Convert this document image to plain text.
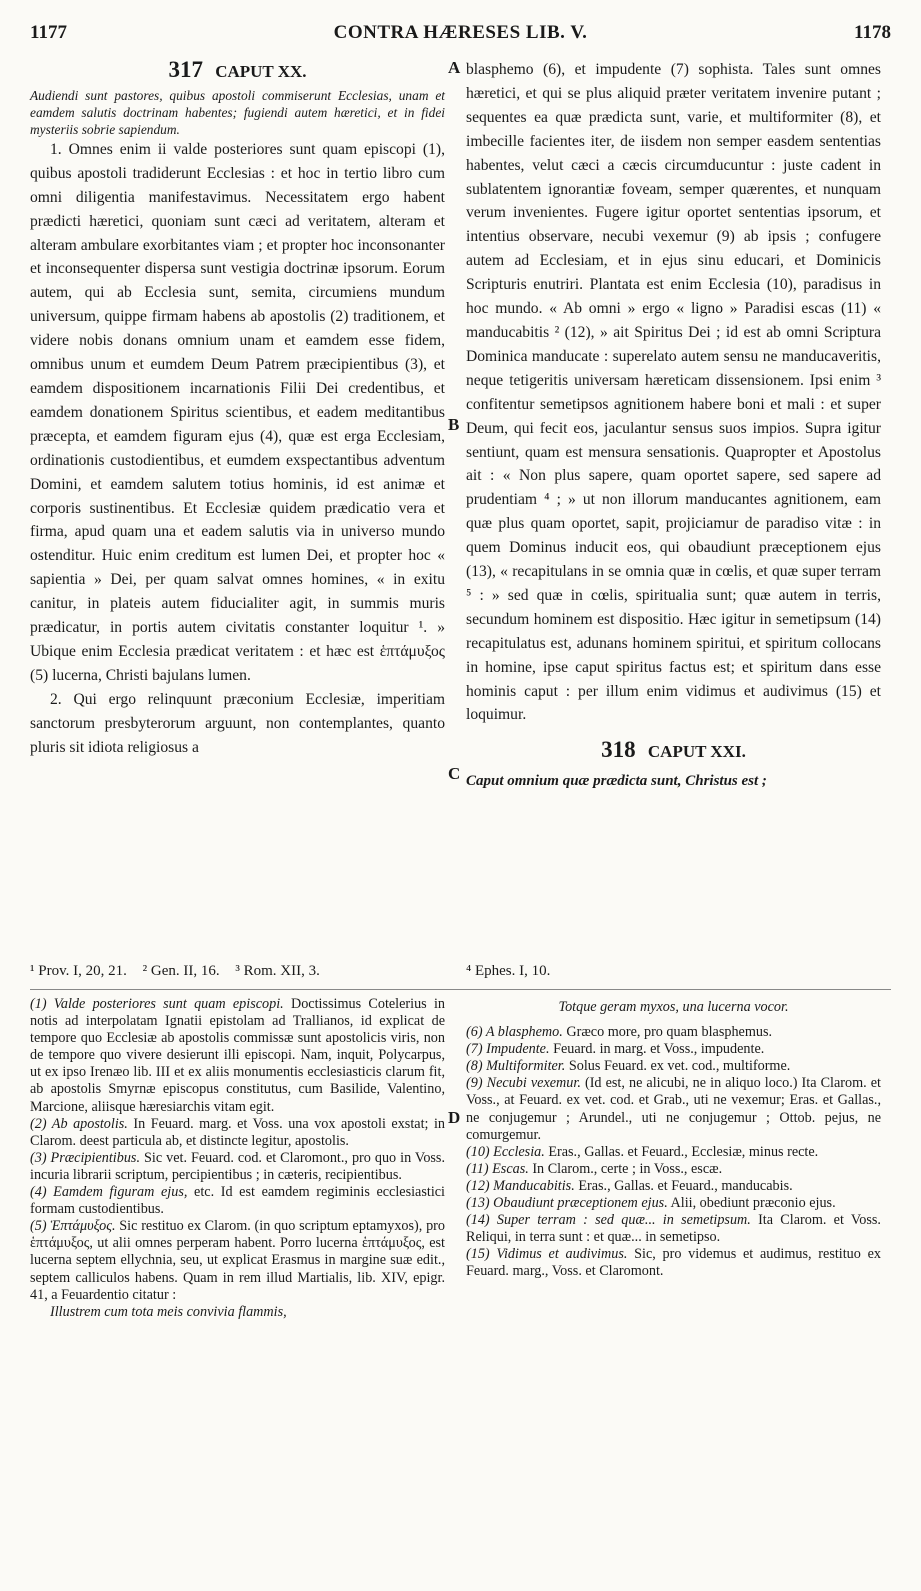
1177	CONTRA HÆRESES LIB. V.	1178
A
B
C
D
317 CAPUT XX.

Audiendi sunt pastores, quibus apostoli commiserunt Ecclesias, unam et eamdem salutis doctrinam habentes; fugiendi autem hæretici, et in fidei mysteriis sobrie sapiendum.

1. Omnes enim ii valde posteriores sunt quam episcopi (1), quibus apostoli tradiderunt Ecclesias : et hoc in tertio libro cum omni diligentia manifestavimus. Necessitatem ergo habent prædicti hæretici, quoniam sunt cæci ad veritatem, alteram et alteram ambulare exorbitantes viam ; et propter hoc inconsonanter et inconsequenter dispersa sunt vestigia doctrinæ ipsorum. Eorum autem, qui ab Ecclesia sunt, semita, circumiens mundum universum, quippe firmam habens ab apostolis (2) traditionem, et videre nobis donans omnium unam et eamdem esse fidem, omnibus unum et eumdem Deum Patrem præcipientibus (3), et eamdem dispositionem incarnationis Filii Dei credentibus, et eamdem donationem Spiritus scientibus, et eadem meditantibus præcepta, et eamdem figuram ejus (4), quæ est erga Ecclesiam, ordinationis custodientibus, et eumdem exspectantibus adventum Domini, et eamdem salutem totius hominis, id est animæ et corporis sustinentibus. Et Ecclesiæ quidem prædicatio vera et firma, apud quam una et eadem salutis via in universo mundo ostenditur. Huic enim creditum est lumen Dei, et propter hoc « sapientia » Dei, per quam salvat omnes homines, « in exitu canitur, in plateis autem fiducialiter agit, in summis muris prædicatur, in portis autem civitatis constanter loquitur ¹. » Ubique enim Ecclesia prædicat veritatem : et hæc est ἑπτάμυξος (5) lucerna, Christi bajulans lumen.

2. Qui ergo relinquunt præconium Ecclesiæ, imperitiam sanctorum presbyterorum arguunt, non contemplantes, quanto pluris sit idiota religiosus a

blasphemo (6), et impudente (7) sophista. Tales sunt omnes hæretici, et qui se plus aliquid præter veritatem invenire putant ; sequentes ea quæ prædicta sunt, varie, et multiformiter (8), et imbecille facientes iter, de iisdem non semper easdem sententias habentes, velut cæci a cæcis circumducuntur : juste cadent in sublatentem ignorantiæ foveam, semper quærentes, et nunquam verum invenientes. Fugere igitur oportet sententias ipsorum, et intentius observare, necubi vexemur (9) ab ipsis ; confugere autem ad Ecclesiam, et in ejus sinu educari, et Dominicis Scripturis enutriri. Plantata est enim Ecclesia (10), paradisus in hoc mundo. « Ab omni » ergo « ligno » Paradisi escas (11) « manducabitis ² (12), » ait Spiritus Dei ; id est ab omni Scriptura Dominica manducate : superelato autem sensu ne manducaveritis, neque tetigeritis universam hæreticam dissensionem. Ipsi enim ³ confitentur semetipsos agnitionem habere boni et mali : et super Deum, qui fecit eos, jaculantur sensus suos impios. Supra igitur sentiunt, quam est mensura sensationis. Quapropter et Apostolus ait : « Non plus sapere, quam oportet sapere, sed sapere ad prudentiam ⁴ ; » ut non illorum manducantes agnitionem, eam quæ plus quam oportet, sapit, projiciamur de paradiso vitæ : in quem Dominus inducit eos, qui obaudiunt præceptionem ejus (13), « recapitulans in se omnia quæ in cœlis, et quæ super terram ⁵ : » sed quæ in cœlis, spiritualia sunt; quæ autem in terris, secundum hominem est dispositio. Hæc igitur in semetipsum (14) recapitulatus est, adunans hominem spiritui, et spiritum collocans in homine, ipse caput spiritus factus est; et spiritum dans esse hominis caput : per illum enim vidimus et audivimus (15) et loquimur.

318 CAPUT XXI.

Caput omnium quæ prædicta sunt, Christus est ;

¹ Prov. I, 20, 21. ² Gen. II, 16. ³ Rom. XII, 3.	⁴ Ephes. I, 10.

(1) Valde posteriores sunt quam episcopi. Doctissimus Cotelerius in notis ad interpolatam Ignatii epistolam ad Trallianos, id explicat de tempore quo Ecclesiæ ab apostolis commissæ sunt apostolicis viris, non de tempore quo vivere desierunt illi episcopi. Nam, inquit, Polycarpus, ut ex ipso Irenæo lib. III et ex aliis monumentis ecclesiasticis clarum fit, ab apostolis Smyrnæ episcopus constitutus, cum Basilide, Valentino, Marcione, aliisque hæresiarchis vitam egit.

(2) Ab apostolis. In Feuard. marg. et Voss. una vox apostoli exstat; in Clarom. deest particula ab, et distincte legitur, apostolis.

(3) Præcipientibus. Sic vet. Feuard. cod. et Claromont., pro quo in Voss. incuria librarii scriptum, percipientibus ; in cæteris, recipientibus.

(4) Eamdem figuram ejus, etc. Id est eamdem regiminis ecclesiastici formam custodientibus.

(5) Ἑπτάμυξος. Sic restituo ex Clarom. (in quo scriptum eptamyxos), pro ἑπτάμυξος, ut alii omnes perperam habent. Porro lucerna ἑπτάμυξος, est lucerna septem ellychnia, seu, ut explicat Erasmus in margine suæ edit., septem calliculos habens. Quam in rem illud Martialis, lib. XIV, epigr. 41, a Feuardentio citatur :

Illustrem cum tota meis convivia flammis,

Totque geram myxos, una lucerna vocor.

(6) A blasphemo. Græco more, pro quam blasphemus.

(7) Impudente. Feuard. in marg. et Voss., impudente.

(8) Multiformiter. Solus Feuard. ex vet. cod., multiforme.

(9) Necubi vexemur. (Id est, ne alicubi, ne in aliquo loco.) Ita Clarom. et Voss., at Feuard. ex vet. cod. et Grab., uti ne vexemur; Eras. et Gallas., ne conjugemur ; Arundel., uti ne conjugemur ; Ottob. pejus, ne comurgemur.

(10) Ecclesia. Eras., Gallas. et Feuard., Ecclesiæ, minus recte.

(11) Escas. In Clarom., certe ; in Voss., escæ.

(12) Manducabitis. Eras., Gallas. et Feuard., manducabis.

(13) Obaudiunt præceptionem ejus. Alii, obediunt præconio ejus.

(14) Super terram : sed quæ... in semetipsum. Ita Clarom. et Voss. Reliqui, in terra sunt : et quæ... in semetipso.

(15) Vidimus et audivimus. Sic, pro videmus et audimus, restituo ex Feuard. marg., Voss. et Claromont.
